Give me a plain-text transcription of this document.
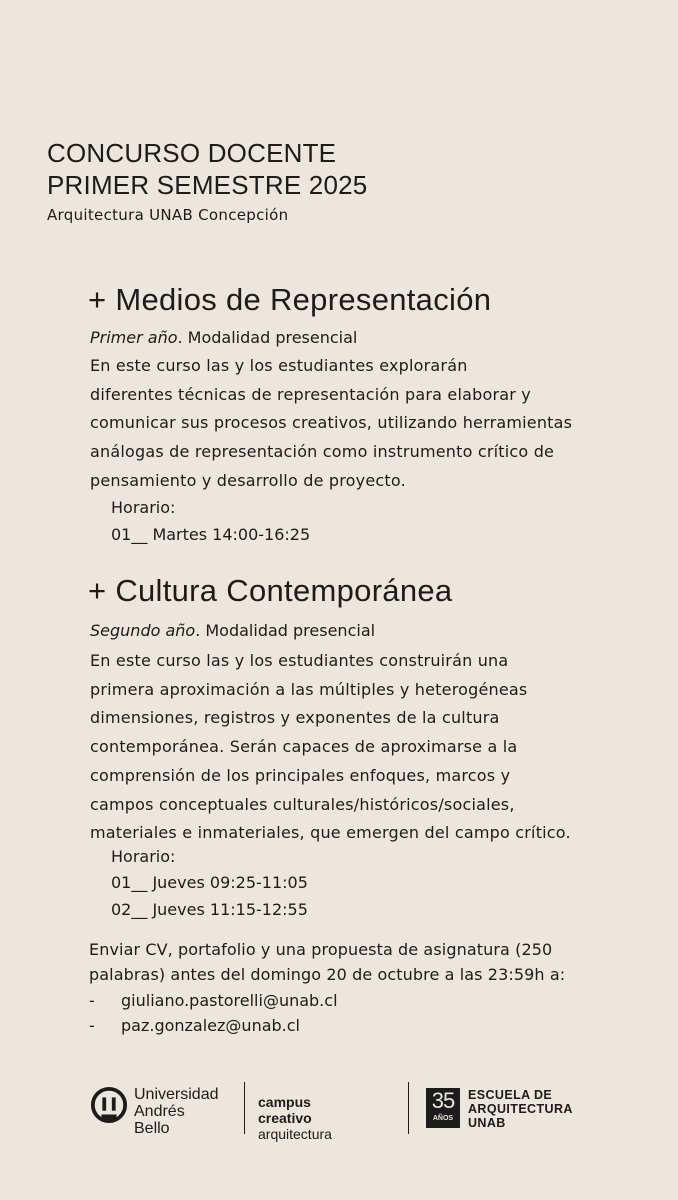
CONCURSO DOCENTE
PRIMER SEMESTRE 2025
Arquitectura UNAB Concepción
+ Medios de Representación
Primer año. Modalidad presencial
En este curso las y los estudiantes explorarán
diferentes técnicas de representación para elaborar y
comunicar sus procesos creativos, utilizando herramientas
análogas de representación como instrumento crítico de
pensamiento y desarrollo de proyecto.
Horario:
01__ Martes 14:00-16:25
+ Cultura Contemporánea
Segundo año. Modalidad presencial
En este curso las y los estudiantes construirán una
primera aproximación a las múltiples y heterogéneas
dimensiones, registros y exponentes de la cultura
contemporánea. Serán capaces de aproximarse a la
comprensión de los principales enfoques, marcos y
campos conceptuales culturales/históricos/sociales,
materiales e inmateriales, que emergen del campo crítico.
Horario:
01__ Jueves 09:25-11:05
02__ Jueves 11:15-12:55
Enviar CV, portafolio y una propuesta de asignatura (250
palabras) antes del domingo 20 de octubre a las 23:59h a:
- giuliano.pastorelli@unab.cl
- paz.gonzalez@unab.cl
Universidad
Andrés Bello
campus creativo
arquitectura
35
AÑOS
ESCUELA DE
ARQUITECTURA
UNAB
